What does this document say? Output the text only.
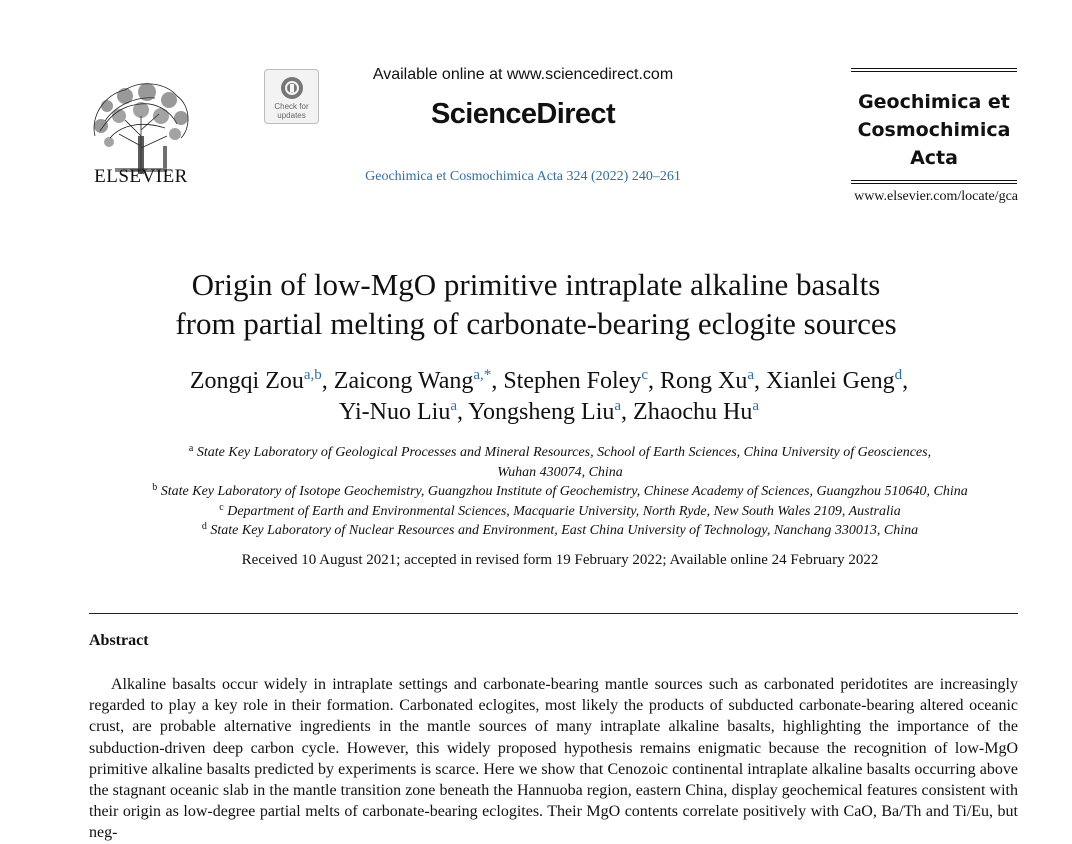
ELSEVIER
Check for
updates
Available online at www.sciencedirect.com
ScienceDirect
Geochimica et Cosmochimica Acta 324 (2022) 240–261
Geochimica et
Cosmochimica
Acta
www.elsevier.com/locate/gca
Origin of low-MgO primitive intraplate alkaline basalts
from partial melting of carbonate-bearing eclogite sources
Zongqi Zou$^{a,b}$, Zaicong Wang$^{a,*}$, Stephen Foley$^c$, Rong Xu$^a$, Xianlei Geng$^d$,
Yi-Nuo Liu$^a$, Yongsheng Liu$^a$, Zhaochu Hu$^a$
$^a$ State Key Laboratory of Geological Processes and Mineral Resources, School of Earth Sciences, China University of Geosciences,
Wuhan 430074, China
$^b$ State Key Laboratory of Isotope Geochemistry, Guangzhou Institute of Geochemistry, Chinese Academy of Sciences, Guangzhou 510640, China
$^c$ Department of Earth and Environmental Sciences, Macquarie University, North Ryde, New South Wales 2109, Australia
$^d$ State Key Laboratory of Nuclear Resources and Environment, East China University of Technology, Nanchang 330013, China
Received 10 August 2021; accepted in revised form 19 February 2022; Available online 24 February 2022
Abstract
Alkaline basalts occur widely in intraplate settings and carbonate-bearing mantle sources such as carbonated peridotites are increasingly regarded to play a key role in their formation. Carbonated eclogites, most likely the products of subducted carbonate-bearing altered oceanic crust, are probable alternative ingredients in the mantle sources of many intraplate alkaline basalts, highlighting the importance of the subduction-driven deep carbon cycle. However, this widely proposed hypothesis remains enigmatic because the recognition of low-MgO primitive alkaline basalts predicted by experiments is scarce. Here we show that Cenozoic continental intraplate alkaline basalts occurring above the stagnant oceanic slab in the mantle transition zone beneath the Hannuoba region, eastern China, display geochemical features consistent with their origin as low-degree partial melts of carbonate-bearing eclogites. Their MgO contents correlate positively with CaO, Ba/Th and Ti/Eu, but neg-
